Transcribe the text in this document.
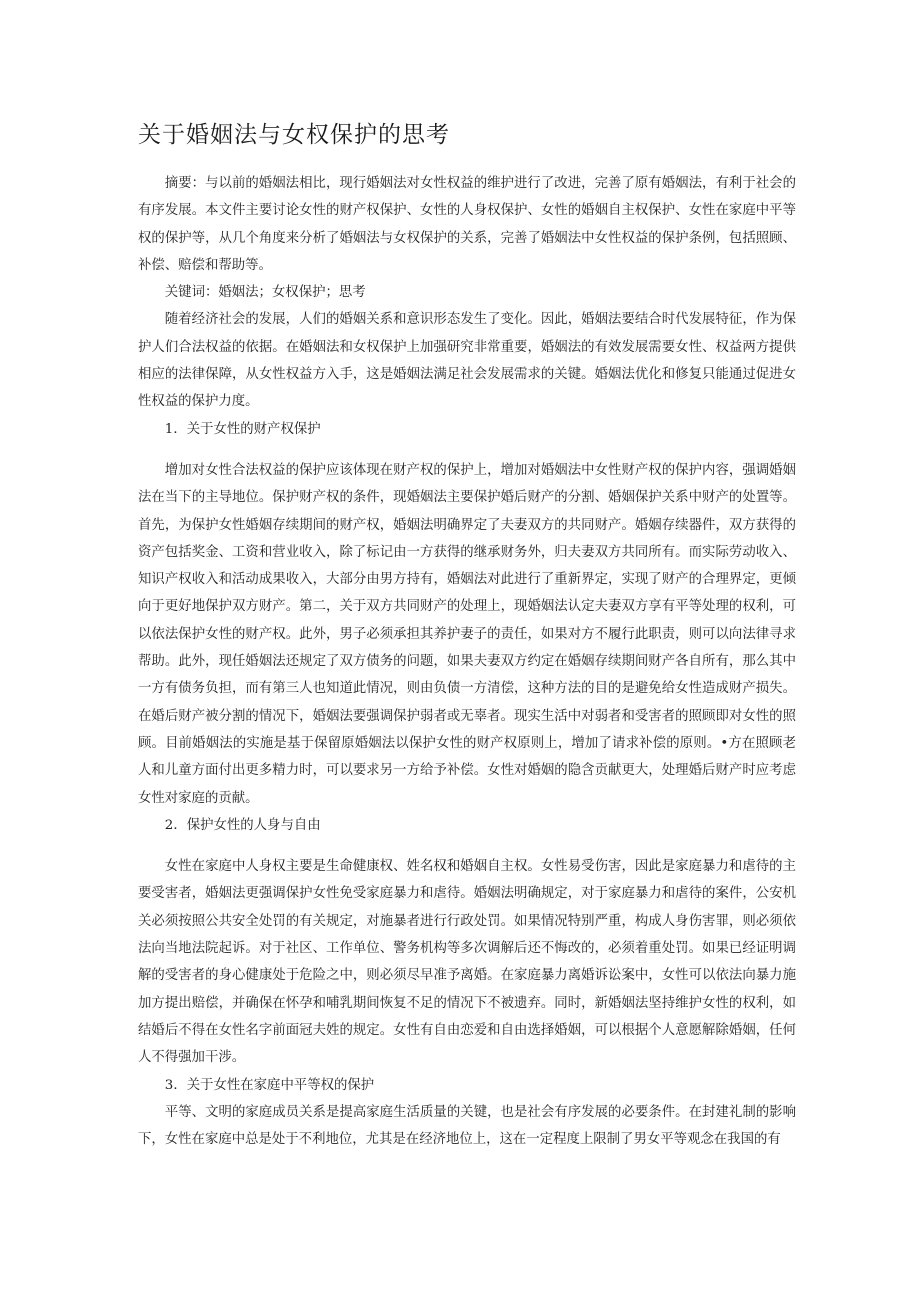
关于婚姻法与女权保护的思考

摘要：与以前的婚姻法相比，现行婚姻法对女性权益的维护进行了改进，完善了原有婚姻法，有利于社会的有序发展。本文件主要讨论女性的财产权保护、女性的人身权保护、女性的婚姻自主权保护、女性在家庭中平等权的保护等，从几个角度来分析了婚姻法与女权保护的关系，完善了婚姻法中女性权益的保护条例，包括照顾、补偿、赔偿和帮助等。

关键词：婚姻法；女权保护；思考

随着经济社会的发展，人们的婚姻关系和意识形态发生了变化。因此，婚姻法要结合时代发展特征，作为保护人们合法权益的依据。在婚姻法和女权保护上加强研究非常重要，婚姻法的有效发展需要女性、权益两方提供相应的法律保障，从女性权益方入手，这是婚姻法满足社会发展需求的关键。婚姻法优化和修复只能通过促进女性权益的保护力度。

1．关于女性的财产权保护

增加对女性合法权益的保护应该体现在财产权的保护上，增加对婚姻法中女性财产权的保护内容，强调婚姻法在当下的主导地位。保护财产权的条件，现婚姻法主要保护婚后财产的分割、婚姻保护关系中财产的处置等。首先，为保护女性婚姻存续期间的财产权，婚姻法明确界定了夫妻双方的共同财产。婚姻存续器件，双方获得的资产包括奖金、工资和营业收入，除了标记由一方获得的继承财务外，归夫妻双方共同所有。而实际劳动收入、知识产权收入和活动成果收入，大部分由男方持有，婚姻法对此进行了重新界定，实现了财产的合理界定，更倾向于更好地保护双方财产。第二，关于双方共同财产的处理上，现婚姻法认定夫妻双方享有平等处理的权利，可以依法保护女性的财产权。此外，男子必须承担其养护妻子的责任，如果对方不履行此职责，则可以向法律寻求帮助。此外，现任婚姻法还规定了双方债务的问题，如果夫妻双方约定在婚姻存续期间财产各自所有，那么其中一方有债务负担，而有第三人也知道此情况，则由负债一方清偿，这种方法的目的是避免给女性造成财产损失。在婚后财产被分割的情况下，婚姻法要强调保护弱者或无辜者。现实生活中对弱者和受害者的照顾即对女性的照顾。目前婚姻法的实施是基于保留原婚姻法以保护女性的财产权原则上，增加了请求补偿的原则。•方在照顾老人和儿童方面付出更多精力时，可以要求另一方给予补偿。女性对婚姻的隐含贡献更大，处理婚后财产时应考虑女性对家庭的贡献。

2．保护女性的人身与自由

女性在家庭中人身权主要是生命健康权、姓名权和婚姻自主权。女性易受伤害，因此是家庭暴力和虐待的主要受害者，婚姻法更强调保护女性免受家庭暴力和虐待。婚姻法明确规定，对于家庭暴力和虐待的案件，公安机关必须按照公共安全处罚的有关规定，对施暴者进行行政处罚。如果情况特别严重，构成人身伤害罪，则必须依法向当地法院起诉。对于社区、工作单位、警务机构等多次调解后还不悔改的，必须着重处罚。如果已经证明调解的受害者的身心健康处于危险之中，则必须尽早准予离婚。在家庭暴力离婚诉讼案中，女性可以依法向暴力施加方提出赔偿，并确保在怀孕和哺乳期间恢复不足的情况下不被遗弃。同时，新婚姻法坚持维护女性的权利，如结婚后不得在女性名字前面冠夫姓的规定。女性有自由恋爱和自由选择婚姻，可以根据个人意愿解除婚姻，任何人不得强加干涉。

3．关于女性在家庭中平等权的保护

平等、文明的家庭成员关系是提高家庭生活质量的关键，也是社会有序发展的必要条件。在封建礼制的影响下，女性在家庭中总是处于不利地位，尤其是在经济地位上，这在一定程度上限制了男女平等观念在我国的有
